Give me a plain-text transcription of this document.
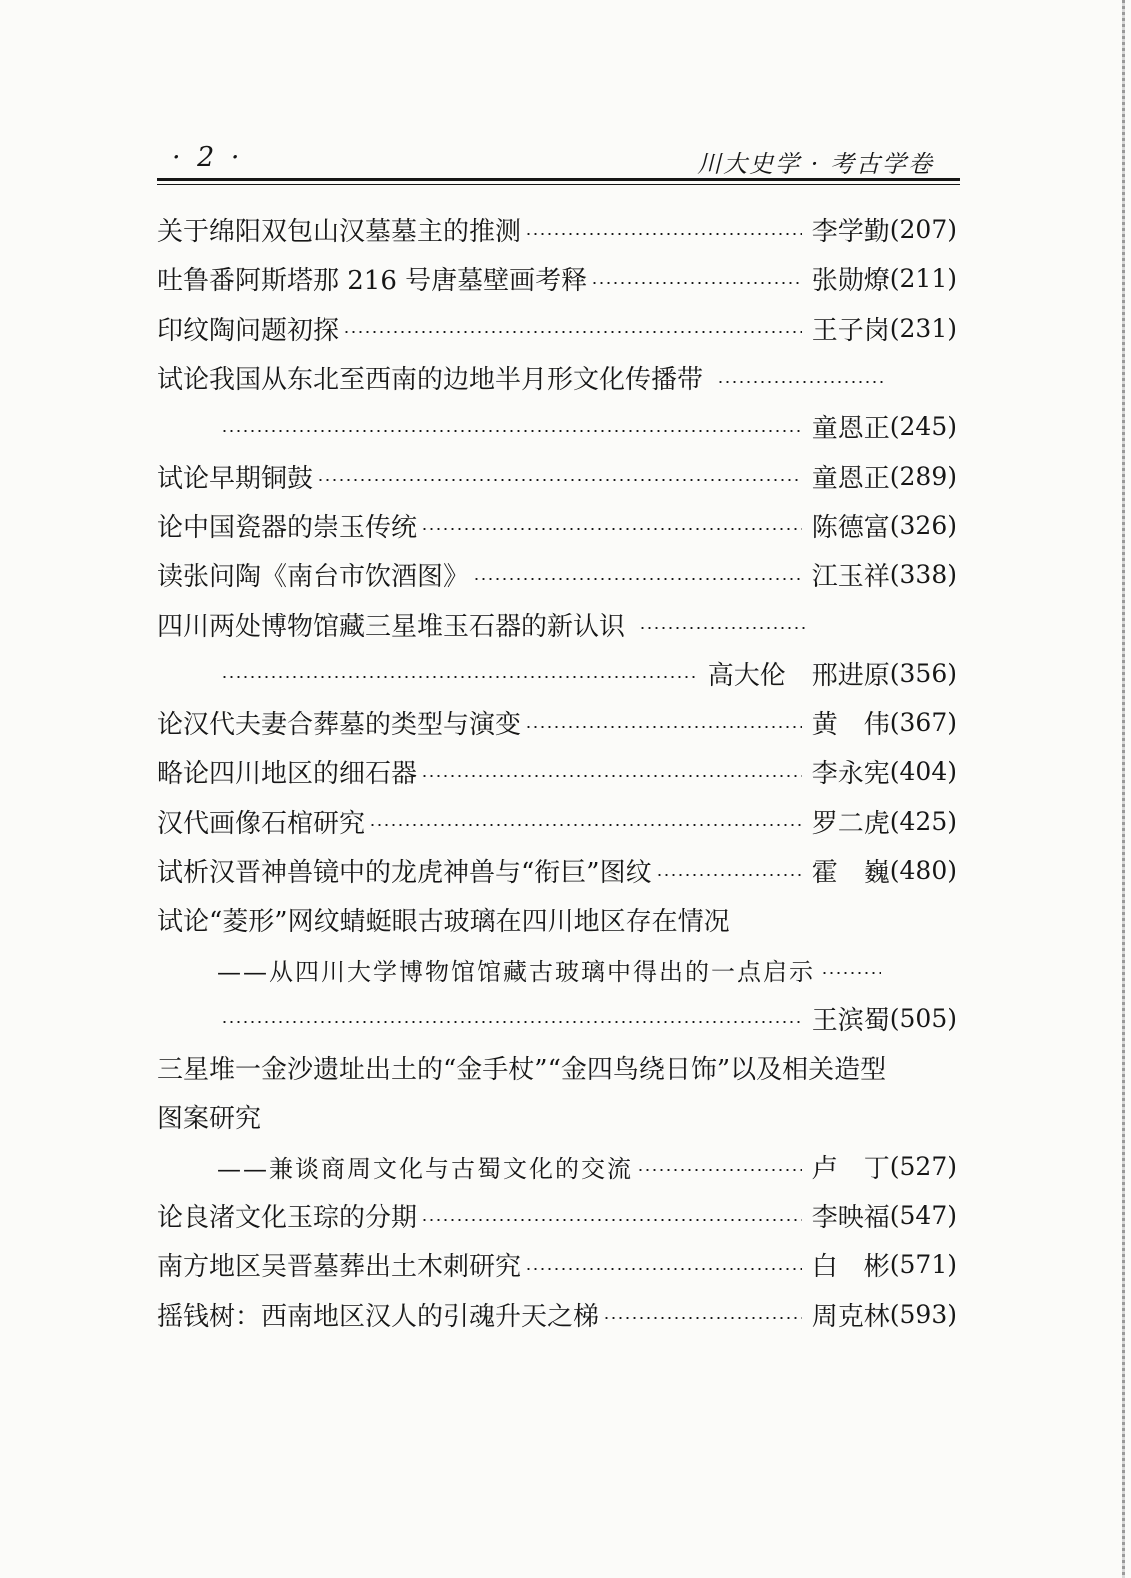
· 2 ·	川大史学 · 考古学卷
关于绵阳双包山汉墓墓主的推测	李学勤 (207)
吐鲁番阿斯塔那 216 号唐墓壁画考释	张勋燎 (211)
印纹陶问题初探	王子岗 (231)
试论我国从东北至西南的边地半月形文化传播带
童恩正 (245)
试论早期铜鼓	童恩正 (289)
论中国瓷器的崇玉传统	陈德富 (326)
读张问陶《南台市饮酒图》	江玉祥 (338)
四川两处博物馆藏三星堆玉石器的新认识
高大伦　邢进原 (356)
论汉代夫妻合葬墓的类型与演变	黄　伟 (367)
略论四川地区的细石器	李永宪 (404)
汉代画像石棺研究	罗二虎 (425)
试析汉晋神兽镜中的龙虎神兽与“衔巨”图纹	霍　巍 (480)
试论“菱形”网纹蜻蜓眼古玻璃在四川地区存在情况
——从四川大学博物馆馆藏古玻璃中得出的一点启示
王滨蜀 (505)
三星堆一金沙遗址出土的“金手杖”“金四鸟绕日饰”以及相关造型
图案研究
——兼谈商周文化与古蜀文化的交流	卢　丁 (527)
论良渚文化玉琮的分期	李映福 (547)
南方地区吴晋墓葬出土木刺研究	白　彬 (571)
摇钱树：西南地区汉人的引魂升天之梯	周克林 (593)
